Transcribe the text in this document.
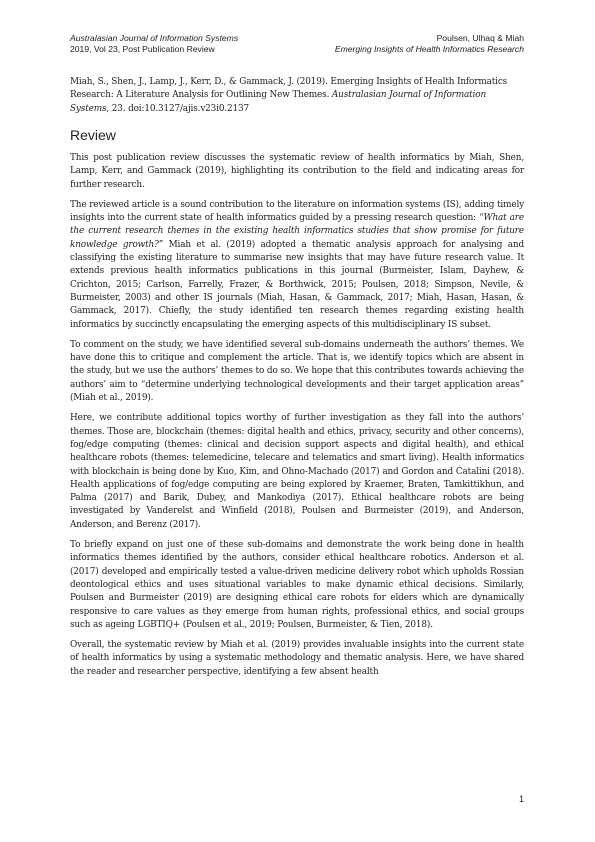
Australasian Journal of Information Systems	Poulsen, Ulhaq & Miah
2019, Vol 23, Post Publication Review	Emerging Insights of Health Informatics Research

Miah, S., Shen, J., Lamp, J., Kerr, D., & Gammack, J. (2019). Emerging Insights of Health Informatics Research: A Literature Analysis for Outlining New Themes. Australasian Journal of Information Systems, 23. doi:10.3127/ajis.v23i0.2137

Review

This post publication review discusses the systematic review of health informatics by Miah, Shen, Lamp, Kerr, and Gammack (2019), highlighting its contribution to the field and indicating areas for further research.

The reviewed article is a sound contribution to the literature on information systems (IS), adding timely insights into the current state of health informatics guided by a pressing research question: “What are the current research themes in the existing health informatics studies that show promise for future knowledge growth?” Miah et al. (2019) adopted a thematic analysis approach for analysing and classifying the existing literature to summarise new insights that may have future research value. It extends previous health informatics publications in this journal (Burmeister, Islam, Dayhew, & Crichton, 2015; Carlson, Farrelly, Frazer, & Borthwick, 2015; Poulsen, 2018; Simpson, Nevile, & Burmeister, 2003) and other IS journals (Miah, Hasan, & Gammack, 2017; Miah, Hasan, Hasan, & Gammack, 2017). Chiefly, the study identified ten research themes regarding existing health informatics by succinctly encapsulating the emerging aspects of this multidisciplinary IS subset.

To comment on the study, we have identified several sub-domains underneath the authors’ themes. We have done this to critique and complement the article. That is, we identify topics which are absent in the study, but we use the authors’ themes to do so. We hope that this contributes towards achieving the authors’ aim to “determine underlying technological developments and their target application areas” (Miah et al., 2019).

Here, we contribute additional topics worthy of further investigation as they fall into the authors’ themes. Those are, blockchain (themes: digital health and ethics, privacy, security and other concerns), fog/edge computing (themes: clinical and decision support aspects and digital health), and ethical healthcare robots (themes: telemedicine, telecare and telematics and smart living). Health informatics with blockchain is being done by Kuo, Kim, and Ohno-Machado (2017) and Gordon and Catalini (2018). Health applications of fog/edge computing are being explored by Kraemer, Braten, Tamkittikhun, and Palma (2017) and Barik, Dubey, and Mankodiya (2017). Ethical healthcare robots are being investigated by Vanderelst and Winfield (2018), Poulsen and Burmeister (2019), and Anderson, Anderson, and Berenz (2017).

To briefly expand on just one of these sub-domains and demonstrate the work being done in health informatics themes identified by the authors, consider ethical healthcare robotics. Anderson et al. (2017) developed and empirically tested a value-driven medicine delivery robot which upholds Rossian deontological ethics and uses situational variables to make dynamic ethical decisions. Similarly, Poulsen and Burmeister (2019) are designing ethical care robots for elders which are dynamically responsive to care values as they emerge from human rights, professional ethics, and social groups such as ageing LGBTIQ+ (Poulsen et al., 2019; Poulsen, Burmeister, & Tien, 2018).

Overall, the systematic review by Miah et al. (2019) provides invaluable insights into the current state of health informatics by using a systematic methodology and thematic analysis. Here, we have shared the reader and researcher perspective, identifying a few absent health

1
